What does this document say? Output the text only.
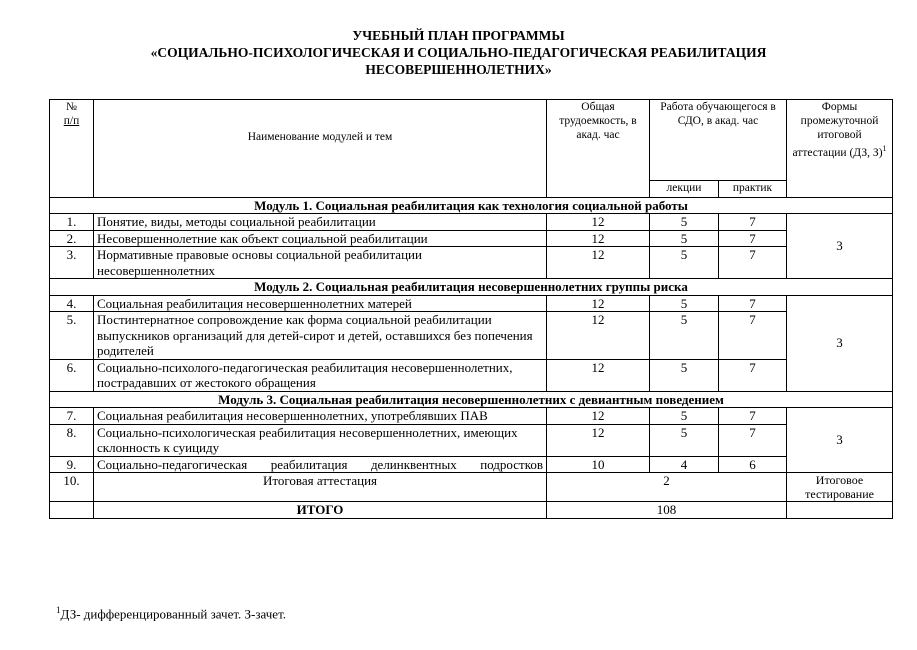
УЧЕБНЫЙ ПЛАН ПРОГРАММЫ
«СОЦИАЛЬНО-ПСИХОЛОГИЧЕСКАЯ И СОЦИАЛЬНО-ПЕДАГОГИЧЕСКАЯ РЕАБИЛИТАЦИЯ
НЕСОВЕРШЕННОЛЕТНИХ»
№
п/п	Наименование модулей и тем	Общая трудоемкость, в акад. час	Работа обучающегося в СДО, в акад. час		Формы промежуточной итоговой аттестации (ДЗ, З)$^1$
			лекции	практик	
Модуль 1. Социальная реабилитация как технология социальной работы					
1.	Понятие, виды, методы социальной реабилитации	12	5	7	3
2.	Несовершеннолетние как объект социальной реабилитации	12	5	7	
3.	Нормативные правовые основы социальной реабилитации несовершеннолетних	12	5	7	
Модуль 2. Социальная реабилитация несовершеннолетних группы риска					
4.	Социальная реабилитация несовершеннолетних матерей	12	5	7	3
5.	Постинтернатное сопровождение как форма социальной реабилитации выпускников организаций для детей-сирот и детей, оставшихся без попечения родителей	12	5	7	
6.	Социально-психолого-педагогическая реабилитация несовершеннолетних, пострадавших от жестокого обращения	12	5	7	
Модуль 3. Социальная реабилитация несовершеннолетних с девиантным поведением					
7.	Социальная реабилитация несовершеннолетних, употреблявших ПАВ	12	5	7	3
8.	Социально-психологическая реабилитация несовершеннолетних, имеющих склонность к суициду	12	5	7	
9.	Социально-педагогическая реабилитация делинквентных подростков	10	4	6	
10.	Итоговая аттестация	2			Итоговое тестирование
	ИТОГО	108			
$^1$ДЗ- дифференцированный зачет. З-зачет.
